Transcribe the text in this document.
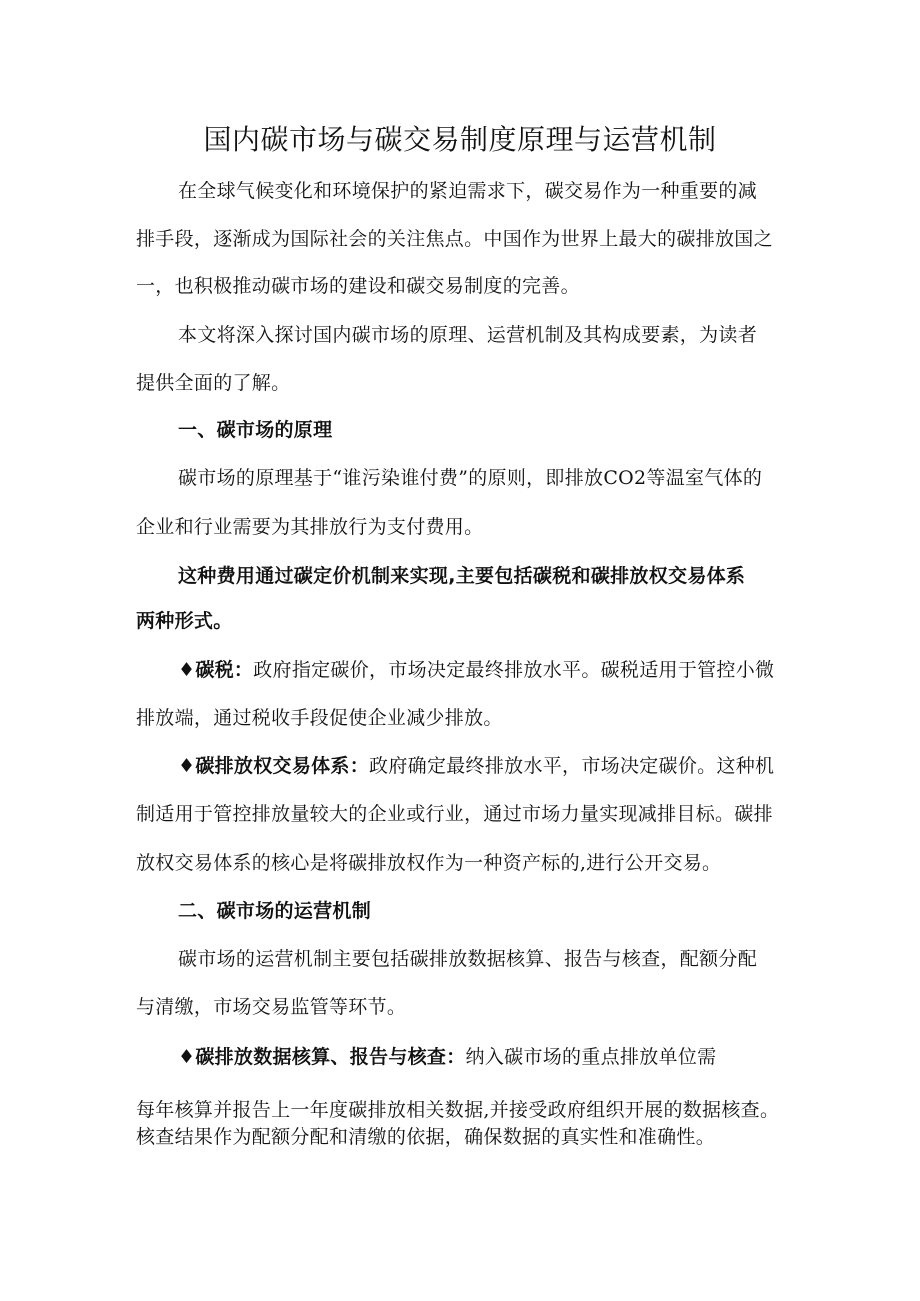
国内碳市场与碳交易制度原理与运营机制
在全球气候变化和环境保护的紧迫需求下，碳交易作为一种重要的减
排手段，逐渐成为国际社会的关注焦点。中国作为世界上最大的碳排放国之
一，也积极推动碳市场的建设和碳交易制度的完善。
本文将深入探讨国内碳市场的原理、运营机制及其构成要素，为读者
提供全面的了解。
一、碳市场的原理
碳市场的原理基于“谁污染谁付费”的原则，即排放CO2等温室气体的
企业和行业需要为其排放行为支付费用。
这种费用通过碳定价机制来实现,主要包括碳税和碳排放权交易体系
两种形式。
♦碳税：政府指定碳价，市场决定最终排放水平。碳税适用于管控小微
排放端，通过税收手段促使企业减少排放。
♦碳排放权交易体系：政府确定最终排放水平，市场决定碳价。这种机
制适用于管控排放量较大的企业或行业，通过市场力量实现减排目标。碳排
放权交易体系的核心是将碳排放权作为一种资产标的,进行公开交易。
二、碳市场的运营机制
碳市场的运营机制主要包括碳排放数据核算、报告与核查，配额分配
与清缴，市场交易监管等环节。
♦碳排放数据核算、报告与核查：纳入碳市场的重点排放单位需
每年核算并报告上一年度碳排放相关数据,并接受政府组织开展的数据核查。
核查结果作为配额分配和清缴的依据，确保数据的真实性和准确性。
